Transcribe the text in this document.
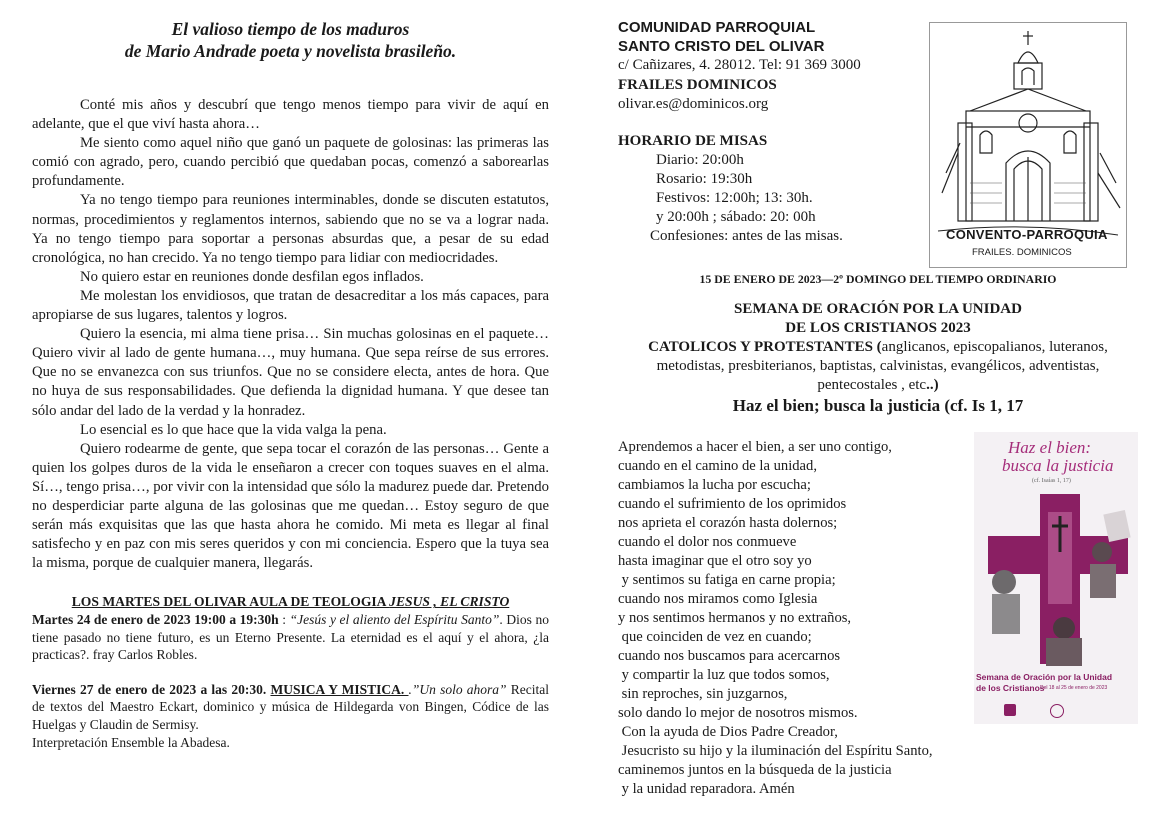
El valioso tiempo de los maduros
de Mario Andrade poeta y novelista brasileño.

Conté mis años y descubrí que tengo menos tiempo para vivir de aquí en adelante, que el que viví hasta ahora…

Me siento como aquel niño que ganó un paquete de golosinas: las primeras las comió con agrado, pero, cuando percibió que quedaban pocas, comenzó a saborearlas profundamente.

Ya no tengo tiempo para reuniones interminables, donde se discuten estatutos, normas, procedimientos y reglamentos internos, sabiendo que no se va a lograr nada. Ya no tengo tiempo para soportar a personas absurdas que, a pesar de su edad cronológica, no han crecido. Ya no tengo tiempo para lidiar con mediocridades.

No quiero estar en reuniones donde desfilan egos inflados.

Me molestan los envidiosos, que tratan de desacreditar a los más capaces, para apropiarse de sus lugares, talentos y logros.

Quiero la esencia, mi alma tiene prisa… Sin muchas golosinas en el paquete… Quiero vivir al lado de gente humana…, muy humana. Que sepa reírse de sus errores. Que no se envanezca con sus triunfos. Que no se considere electa, antes de hora. Que no huya de sus responsabilidades. Que defienda la dignidad humana. Y que desee tan sólo andar del lado de la verdad y la honradez.

Lo esencial es lo que hace que la vida valga la pena.

Quiero rodearme de gente, que sepa tocar el corazón de las personas… Gente a quien los golpes duros de la vida le enseñaron a crecer con toques suaves en el alma. Sí…, tengo prisa…, por vivir con la intensidad que sólo la madurez puede dar. Pretendo no desperdiciar parte alguna de las golosinas que me quedan… Estoy seguro de que serán más exquisitas que las que hasta ahora he comido. Mi meta es llegar al final satisfecho y en paz con mis seres queridos y con mi conciencia. Espero que la tuya sea la misma, porque de cualquier manera, llegarás.

LOS MARTES DEL OLIVAR AULA DE TEOLOGIA JESUS , EL CRISTO
Martes 24 de enero de 2023 19:00 a 19:30h : “Jesús y el aliento del Espíritu Santo”. Dios no tiene pasado no tiene futuro, es un Eterno Presente. La eternidad es el aquí y el ahora, ¿la practicas?. fray Carlos Robles.
Viernes 27 de enero de 2023 a las 20:30. MUSICA Y MISTICA. .”Un solo ahora” Recital de textos del Maestro Eckart, dominico y música de Hildegarda von Bingen, Códice de las Huelgas y Claudin de Sermisy.
Interpretación Ensemble la Abadesa.
COMUNIDAD PARROQUIAL
SANTO CRISTO DEL OLIVAR
c/ Cañizares, 4. 28012. Tel: 91 369 3000
FRAILES DOMINICOS
olivar.es@dominicos.org
HORARIO DE MISAS
Diario: 20:00h
Rosario: 19:30h
Festivos: 12:00h; 13: 30h.
y 20:00h ; sábado: 20: 00h
Confesiones: antes de las misas.	CONVENTO-PARROQUIA
FRAILES. DOMINICOS
15 DE ENERO DE 2023—2º DOMINGO DEL TIEMPO ORDINARIO
SEMANA DE ORACIÓN POR LA UNIDAD
DE LOS CRISTIANOS 2023
CATOLICOS Y PROTESTANTES (anglicanos, episcopalianos, luteranos, metodistas, presbiterianos, baptistas, calvinistas, evangélicos, adventistas, pentecostales , etc..)
Haz el bien; busca la justicia (cf. Is 1, 17
Aprendemos a hacer el bien, a ser uno contigo,
cuando en el camino de la unidad,
cambiamos la lucha por escucha;
cuando el sufrimiento de los oprimidos
nos aprieta el corazón hasta dolernos;
cuando el dolor nos conmueve
hasta imaginar que el otro soy yo
y sentimos su fatiga en carne propia;
cuando nos miramos como Iglesia
y nos sentimos hermanos y no extraños,
que coinciden de vez en cuando;
cuando nos buscamos para acercarnos
y compartir la luz que todos somos,
sin reproches, sin juzgarnos,
solo dando lo mejor de nosotros mismos.
Con la ayuda de Dios Padre Creador,
Jesucristo su hijo y la iluminación del Espíritu Santo,
caminemos juntos en la búsqueda de la justicia
y la unidad reparadora. Amén
Haz el bien:
busca la justicia
(cf. Isaías 1, 17)
Semana de Oración por la Unidad
de los Cristianos
Del 18 al 25 de enero de 2023
